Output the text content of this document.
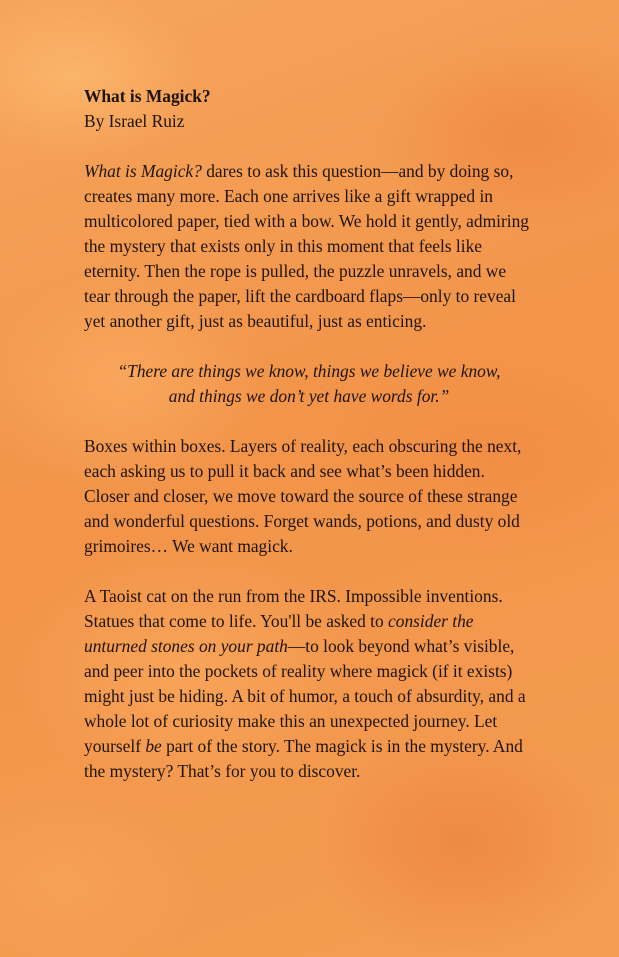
What is Magick?
By Israel Ruiz

What is Magick? dares to ask this question—and by doing so, creates many more. Each one arrives like a gift wrapped in multicolored paper, tied with a bow. We hold it gently, admiring the mystery that exists only in this moment that feels like eternity. Then the rope is pulled, the puzzle unravels, and we tear through the paper, lift the cardboard flaps—only to reveal yet another gift, just as beautiful, just as enticing.

“There are things we know, things we believe we know,
and things we don’t yet have words for.”

Boxes within boxes. Layers of reality, each obscuring the next, each asking us to pull it back and see what’s been hidden. Closer and closer, we move toward the source of these strange and wonderful questions. Forget wands, potions, and dusty old grimoires… We want magick.

A Taoist cat on the run from the IRS. Impossible inventions. Statues that come to life. You'll be asked to consider the unturned stones on your path—to look beyond what’s visible, and peer into the pockets of reality where magick (if it exists) might just be hiding. A bit of humor, a touch of absurdity, and a whole lot of curiosity make this an unexpected journey. Let yourself be part of the story. The magick is in the mystery. And the mystery? That’s for you to discover.
